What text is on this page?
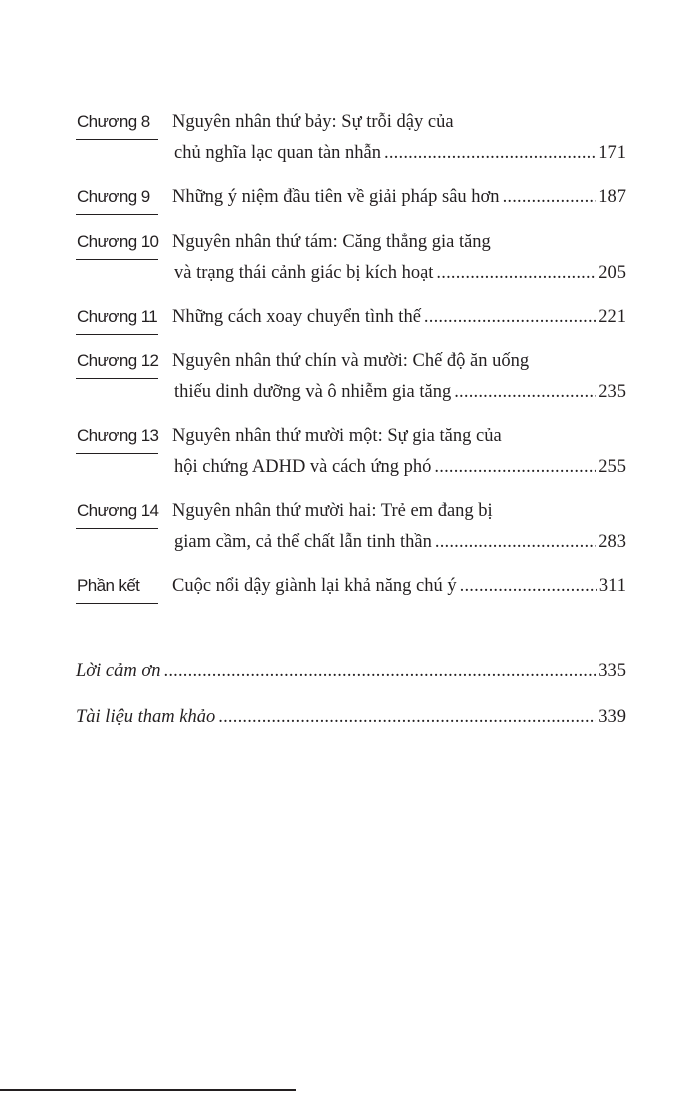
Chương 8	Nguyên nhân thứ bảy: Sự trỗi dậy của
chủ nghĩa lạc quan tàn nhẫn .....	171
Chương 9	Những ý niệm đầu tiên về giải pháp sâu hơn .....	187
Chương 10 Nguyên nhân thứ tám: Căng thẳng gia tăng
và trạng thái cảnh giác bị kích hoạt .....	205
Chương 11 Những cách xoay chuyển tình thế .....	221
Chương 12 Nguyên nhân thứ chín và mười: Chế độ ăn uống
thiếu dinh dưỡng và ô nhiễm gia tăng .....	235
Chương 13 Nguyên nhân thứ mười một: Sự gia tăng của
hội chứng ADHD và cách ứng phó .....	255
Chương 14 Nguyên nhân thứ mười hai: Trẻ em đang bị
giam cầm, cả thể chất lẫn tinh thần .....	283
Phần kết	Cuộc nổi dậy giành lại khả năng chú ý .....	311
Lời cảm ơn .....	335
Tài liệu tham khảo .....	339
